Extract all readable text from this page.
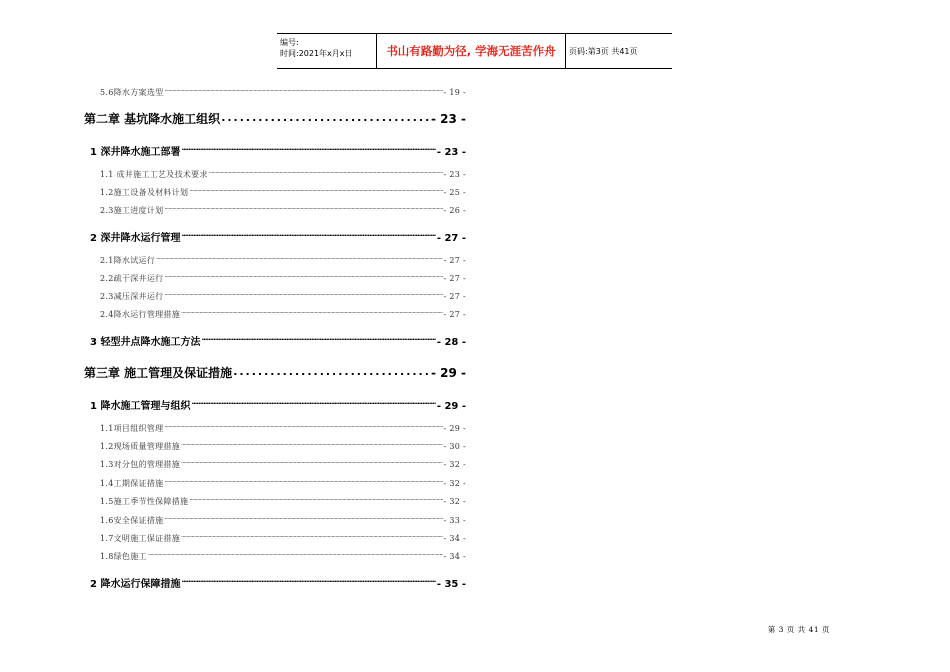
编号:
时间:2021年x月x日	书山有路勤为径, 学海无涯苦作舟	页码:第3页 共41页
5.6降水方案选型 .....	- 19 -
第二章 基坑降水施工组织 .....	- 23 -
1 深井降水施工部署 .....	- 23 -
1.1 成井施工工艺及技术要求 .....	- 23 -
1.2施工设备及材料计划 .....	- 25 -
2.3施工进度计划 .....	- 26 -
2 深井降水运行管理 .....	- 27 -
2.1降水试运行 .....	- 27 -
2.2疏干深井运行 .....	- 27 -
2.3减压深井运行 .....	- 27 -
2.4降水运行管理措施 .....	- 27 -
3 轻型井点降水施工方法 .....	- 28 -
第三章 施工管理及保证措施 .....	- 29 -
1 降水施工管理与组织 .....	- 29 -
1.1项目组织管理 .....	- 29 -
1.2现场质量管理措施 .....	- 30 -
1.3对分包的管理措施 .....	- 32 -
1.4工期保证措施 .....	- 32 -
1.5施工季节性保障措施 .....	- 32 -
1.6安全保证措施 .....	- 33 -
1.7文明施工保证措施 .....	- 34 -
1.8绿色施工 .....	- 34 -
2 降水运行保障措施 .....	- 35 -
第 3 页 共 41 页
